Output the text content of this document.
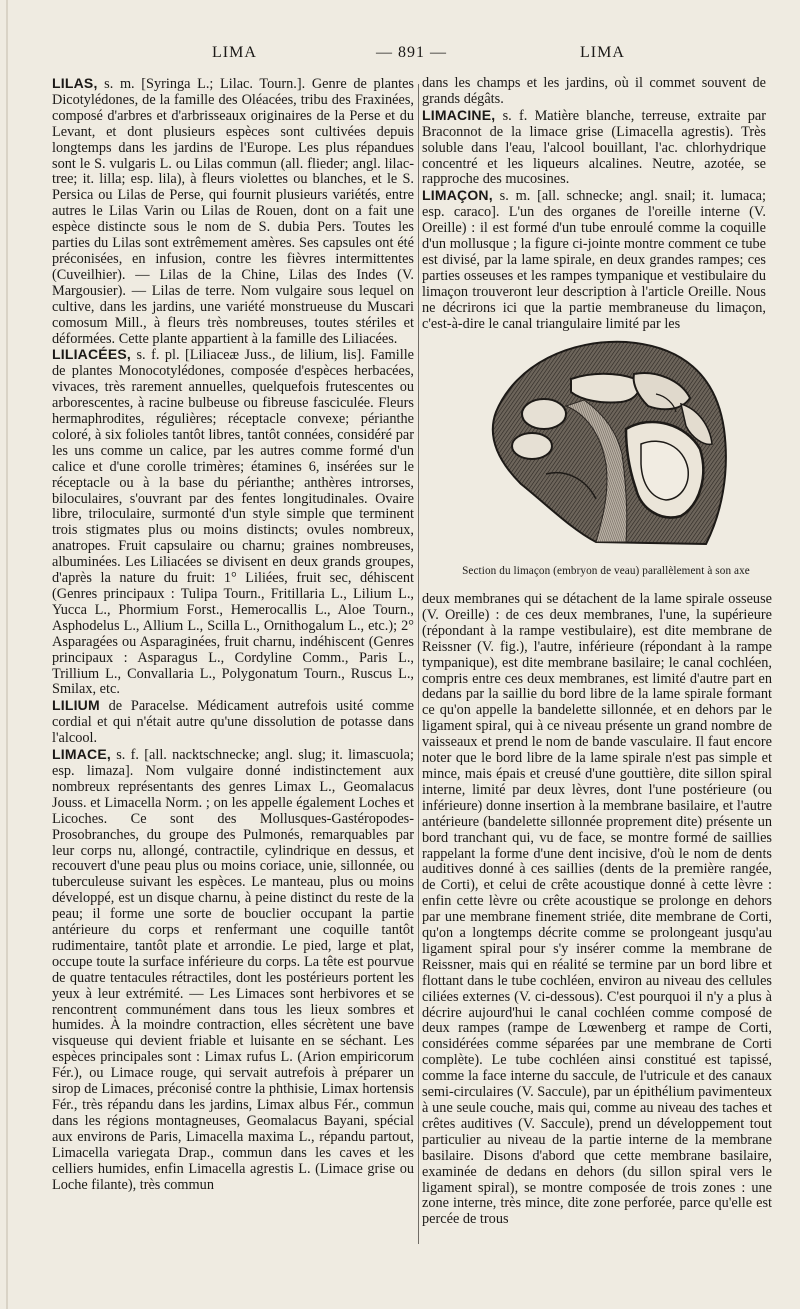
LIMA	— 891 —	LIMA

LILAS, s. m. [Syringa L.; Lilac. Tourn.]. Genre de plantes Dicotylédones, de la famille des Oléacées, tribu des Fraxinées, composé d'arbres et d'arbrisseaux originaires de la Perse et du Levant, et dont plusieurs espèces sont cultivées depuis longtemps dans les jardins de l'Europe. Les plus répandues sont le S. vulgaris L. ou Lilas commun (all. flieder; angl. lilac-tree; it. lilla; esp. lila), à fleurs violettes ou blanches, et le S. Persica ou Lilas de Perse, qui fournit plusieurs variétés, entre autres le Lilas Varin ou Lilas de Rouen, dont on a fait une espèce distincte sous le nom de S. dubia Pers. Toutes les parties du Lilas sont extrêmement amères. Ses capsules ont été préconisées, en infusion, contre les fièvres intermittentes (Cuveilhier). — Lilas de la Chine, Lilas des Indes (V. Margousier). — Lilas de terre. Nom vulgaire sous lequel on cultive, dans les jardins, une variété monstrueuse du Muscari comosum Mill., à fleurs très nombreuses, toutes stériles et déformées. Cette plante appartient à la famille des Liliacées.

LILIACÉES, s. f. pl. [Liliaceæ Juss., de lilium, lis]. Famille de plantes Monocotylédones, composée d'espèces herbacées, vivaces, très rarement annuelles, quelquefois frutescentes ou arborescentes, à racine bulbeuse ou fibreuse fasciculée. Fleurs hermaphrodites, régulières; réceptacle convexe; périanthe coloré, à six folioles tantôt libres, tantôt connées, considéré par les uns comme un calice, par les autres comme formé d'un calice et d'une corolle trimères; étamines 6, insérées sur le réceptacle ou à la base du périanthe; anthères introrses, biloculaires, s'ouvrant par des fentes longitudinales. Ovaire libre, triloculaire, surmonté d'un style simple que terminent trois stigmates plus ou moins distincts; ovules nombreux, anatropes. Fruit capsulaire ou charnu; graines nombreuses, albuminées. Les Liliacées se divisent en deux grands groupes, d'après la nature du fruit: 1° Liliées, fruit sec, déhiscent (Genres principaux : Tulipa Tourn., Fritillaria L., Lilium L., Yucca L., Phormium Forst., Hemerocallis L., Aloe Tourn., Asphodelus L., Allium L., Scilla L., Ornithogalum L., etc.); 2° Asparagées ou Asparaginées, fruit charnu, indéhiscent (Genres principaux : Asparagus L., Cordyline Comm., Paris L., Trillium L., Convallaria L., Polygonatum Tourn., Ruscus L., Smilax, etc.

LILIUM de Paracelse. Médicament autrefois usité comme cordial et qui n'était autre qu'une dissolution de potasse dans l'alcool.

LIMACE, s. f. [all. nacktschnecke; angl. slug; it. limascuola; esp. limaza]. Nom vulgaire donné indistinctement aux nombreux représentants des genres Limax L., Geomalacus Jouss. et Limacella Norm. ; on les appelle également Loches et Licoches. Ce sont des Mollusques-Gastéropodes-Prosobranches, du groupe des Pulmonés, remarquables par leur corps nu, allongé, contractile, cylindrique en dessus, et recouvert d'une peau plus ou moins coriace, unie, sillonnée, ou tuberculeuse suivant les espèces. Le manteau, plus ou moins développé, est un disque charnu, à peine distinct du reste de la peau; il forme une sorte de bouclier occupant la partie antérieure du corps et renfermant une coquille tantôt rudimentaire, tantôt plate et arrondie. Le pied, large et plat, occupe toute la surface inférieure du corps. La tête est pourvue de quatre tentacules rétractiles, dont les postérieurs portent les yeux à leur extrémité. — Les Limaces sont herbivores et se rencontrent communément dans tous les lieux sombres et humides. À la moindre contraction, elles sécrètent une bave visqueuse qui devient friable et luisante en se séchant. Les espèces principales sont : Limax rufus L. (Arion empiricorum Fér.), ou Limace rouge, qui servait autrefois à préparer un sirop de Limaces, préconisé contre la phthisie, Limax hortensis Fér., très répandu dans les jardins, Limax albus Fér., commun dans les régions montagneuses, Geomalacus Bayani, spécial aux environs de Paris, Limacella maxima L., répandu partout, Limacella variegata Drap., commun dans les caves et les celliers humides, enfin Limacella agrestis L. (Limace grise ou Loche filante), très commun

dans les champs et les jardins, où il commet souvent de grands dégâts.

LIMACINE, s. f. Matière blanche, terreuse, extraite par Braconnot de la limace grise (Limacella agrestis). Très soluble dans l'eau, l'alcool bouillant, l'ac. chlorhydrique concentré et les liqueurs alcalines. Neutre, azotée, se rapproche des mucosines.

LIMAÇON, s. m. [all. schnecke; angl. snail; it. lumaca; esp. caraco]. L'un des organes de l'oreille interne (V. Oreille) : il est formé d'un tube enroulé comme la coquille d'un mollusque ; la figure ci-jointe montre comment ce tube est divisé, par la lame spirale, en deux grandes rampes; ces parties osseuses et les rampes tympanique et vestibulaire du limaçon trouveront leur description à l'article Oreille. Nous ne décrirons ici que la partie membraneuse du limaçon, c'est-à-dire le canal triangulaire limité par les

Section du limaçon (embryon de veau) parallèlement à son axe

deux membranes qui se détachent de la lame spirale osseuse (V. Oreille) : de ces deux membranes, l'une, la supérieure (répondant à la rampe vestibulaire), est dite membrane de Reissner (V. fig.), l'autre, inférieure (répondant à la rampe tympanique), est dite membrane basilaire; le canal cochléen, compris entre ces deux membranes, est limité d'autre part en dedans par la saillie du bord libre de la lame spirale formant ce qu'on appelle la bandelette sillonnée, et en dehors par le ligament spiral, qui à ce niveau présente un grand nombre de vaisseaux et prend le nom de bande vasculaire. Il faut encore noter que le bord libre de la lame spirale n'est pas simple et mince, mais épais et creusé d'une gouttière, dite sillon spiral interne, limité par deux lèvres, dont l'une postérieure (ou inférieure) donne insertion à la membrane basilaire, et l'autre antérieure (bandelette sillonnée proprement dite) présente un bord tranchant qui, vu de face, se montre formé de saillies rappelant la forme d'une dent incisive, d'où le nom de dents auditives donné à ces saillies (dents de la première rangée, de Corti), et celui de crête acoustique donné à cette lèvre : enfin cette lèvre ou crête acoustique se prolonge en dehors par une membrane finement striée, dite membrane de Corti, qu'on a longtemps décrite comme se prolongeant jusqu'au ligament spiral pour s'y insérer comme la membrane de Reissner, mais qui en réalité se termine par un bord libre et flottant dans le tube cochléen, environ au niveau des cellules ciliées externes (V. ci-dessous). C'est pourquoi il n'y a plus à décrire aujourd'hui le canal cochléen comme composé de deux rampes (rampe de Lœwenberg et rampe de Corti, considérées comme séparées par une membrane de Corti complète). Le tube cochléen ainsi constitué est tapissé, comme la face interne du saccule, de l'utricule et des canaux semi-circulaires (V. Saccule), par un épithélium pavimenteux à une seule couche, mais qui, comme au niveau des taches et crêtes auditives (V. Saccule), prend un développement tout particulier au niveau de la partie interne de la membrane basilaire. Disons d'abord que cette membrane basilaire, examinée de dedans en dehors (du sillon spiral vers le ligament spiral), se montre composée de trois zones : une zone interne, très mince, dite zone perforée, parce qu'elle est percée de trous
